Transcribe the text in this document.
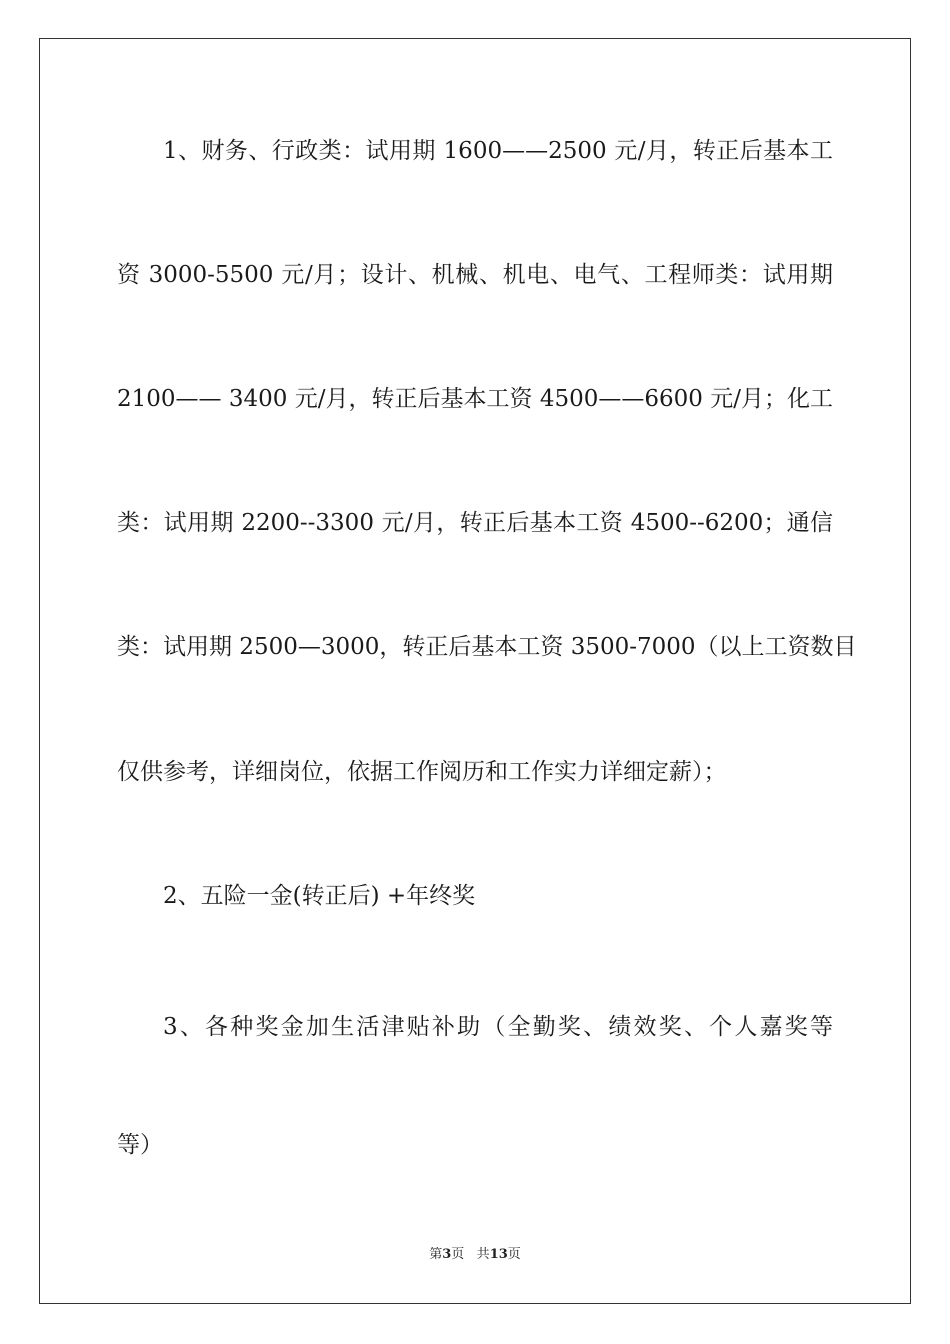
1、财务、行政类：试用期 1600——2500 元/月，转正后基本工
资 3000-5500 元/月；设计、机械、机电、电气、工程师类：试用期
2100—— 3400 元/月，转正后基本工资 4500——6600 元/月；化工
类：试用期 2200--3300 元/月，转正后基本工资 4500--6200；通信
类：试用期 2500—3000，转正后基本工资 3500-7000（以上工资数目
仅供参考，详细岗位，依据工作阅历和工作实力详细定薪）；
2、五险一金(转正后) +年终奖
3、各种奖金加生活津贴补助（全勤奖、绩效奖、个人嘉奖等
等）
第3页 共13页
